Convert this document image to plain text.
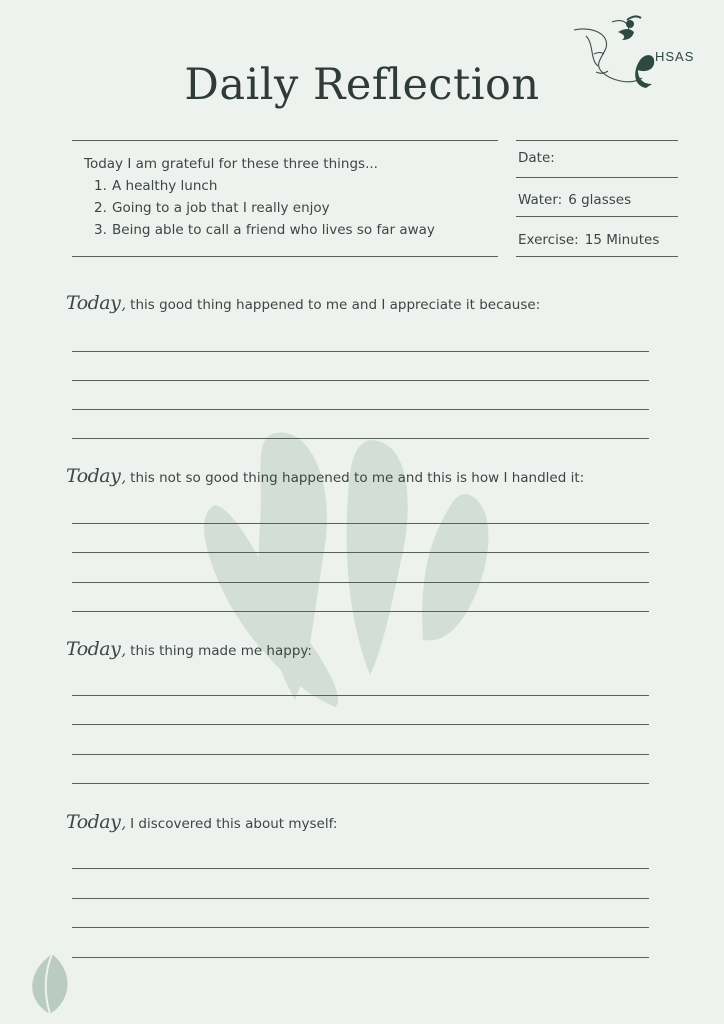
HSAS
Daily Reflection
Today I am grateful for these three things...
1. A healthy lunch
2. Going to a job that I really enjoy
3. Being able to call a friend who lives so far away
Date:
Water: 6 glasses
Exercise: 15 Minutes
Today, this good thing happened to me and I appreciate it because:
Today, this not so good thing happened to me and this is how I handled it:
Today, this thing made me happy:
Today, I discovered this about myself:
